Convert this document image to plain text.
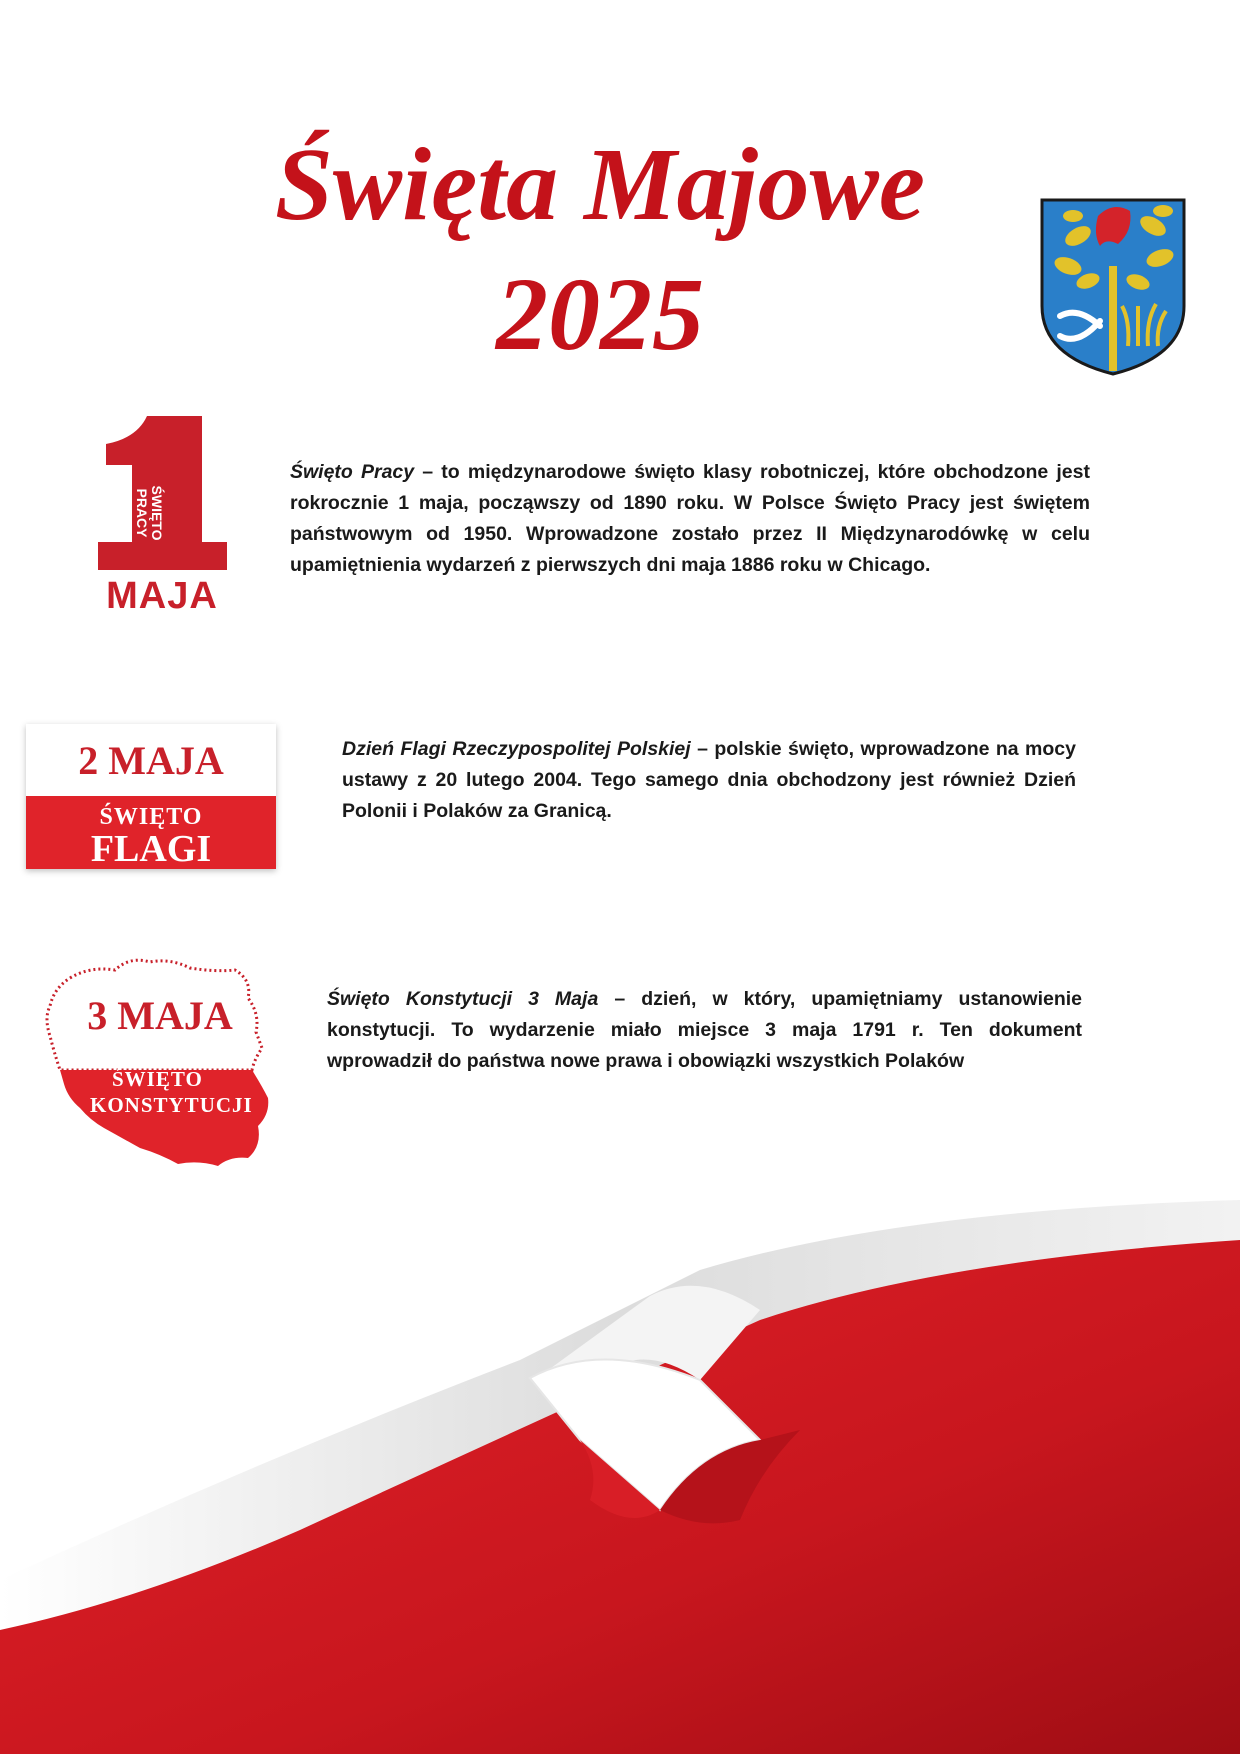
Święta Majowe
2025
ŚWIĘTO
PRACY
MAJA

Święto Pracy – to międzynarodowe święto klasy robotniczej, które obchodzone jest rokrocznie 1 maja, począwszy od 1890 roku. W Polsce Święto Pracy jest świętem państwowym od 1950. Wprowadzone zostało przez II Międzynarodówkę w celu upamiętnienia wydarzeń z pierwszych dni maja 1886 roku w Chicago.

2 MAJA
ŚWIĘTO
FLAGI

Dzień Flagi Rzeczypospolitej Polskiej – polskie święto, wprowadzone na mocy ustawy z 20 lutego 2004. Tego samego dnia obchodzony jest również Dzień Polonii i Polaków za Granicą.

3 MAJA
ŚWIĘTO
KONSTYTUCJI

Święto Konstytucji 3 Maja – dzień, w który, upamiętniamy ustanowienie konstytucji. To wydarzenie miało miejsce 3 maja 1791 r. Ten dokument wprowadził do państwa nowe prawa i obowiązki wszystkich Polaków
